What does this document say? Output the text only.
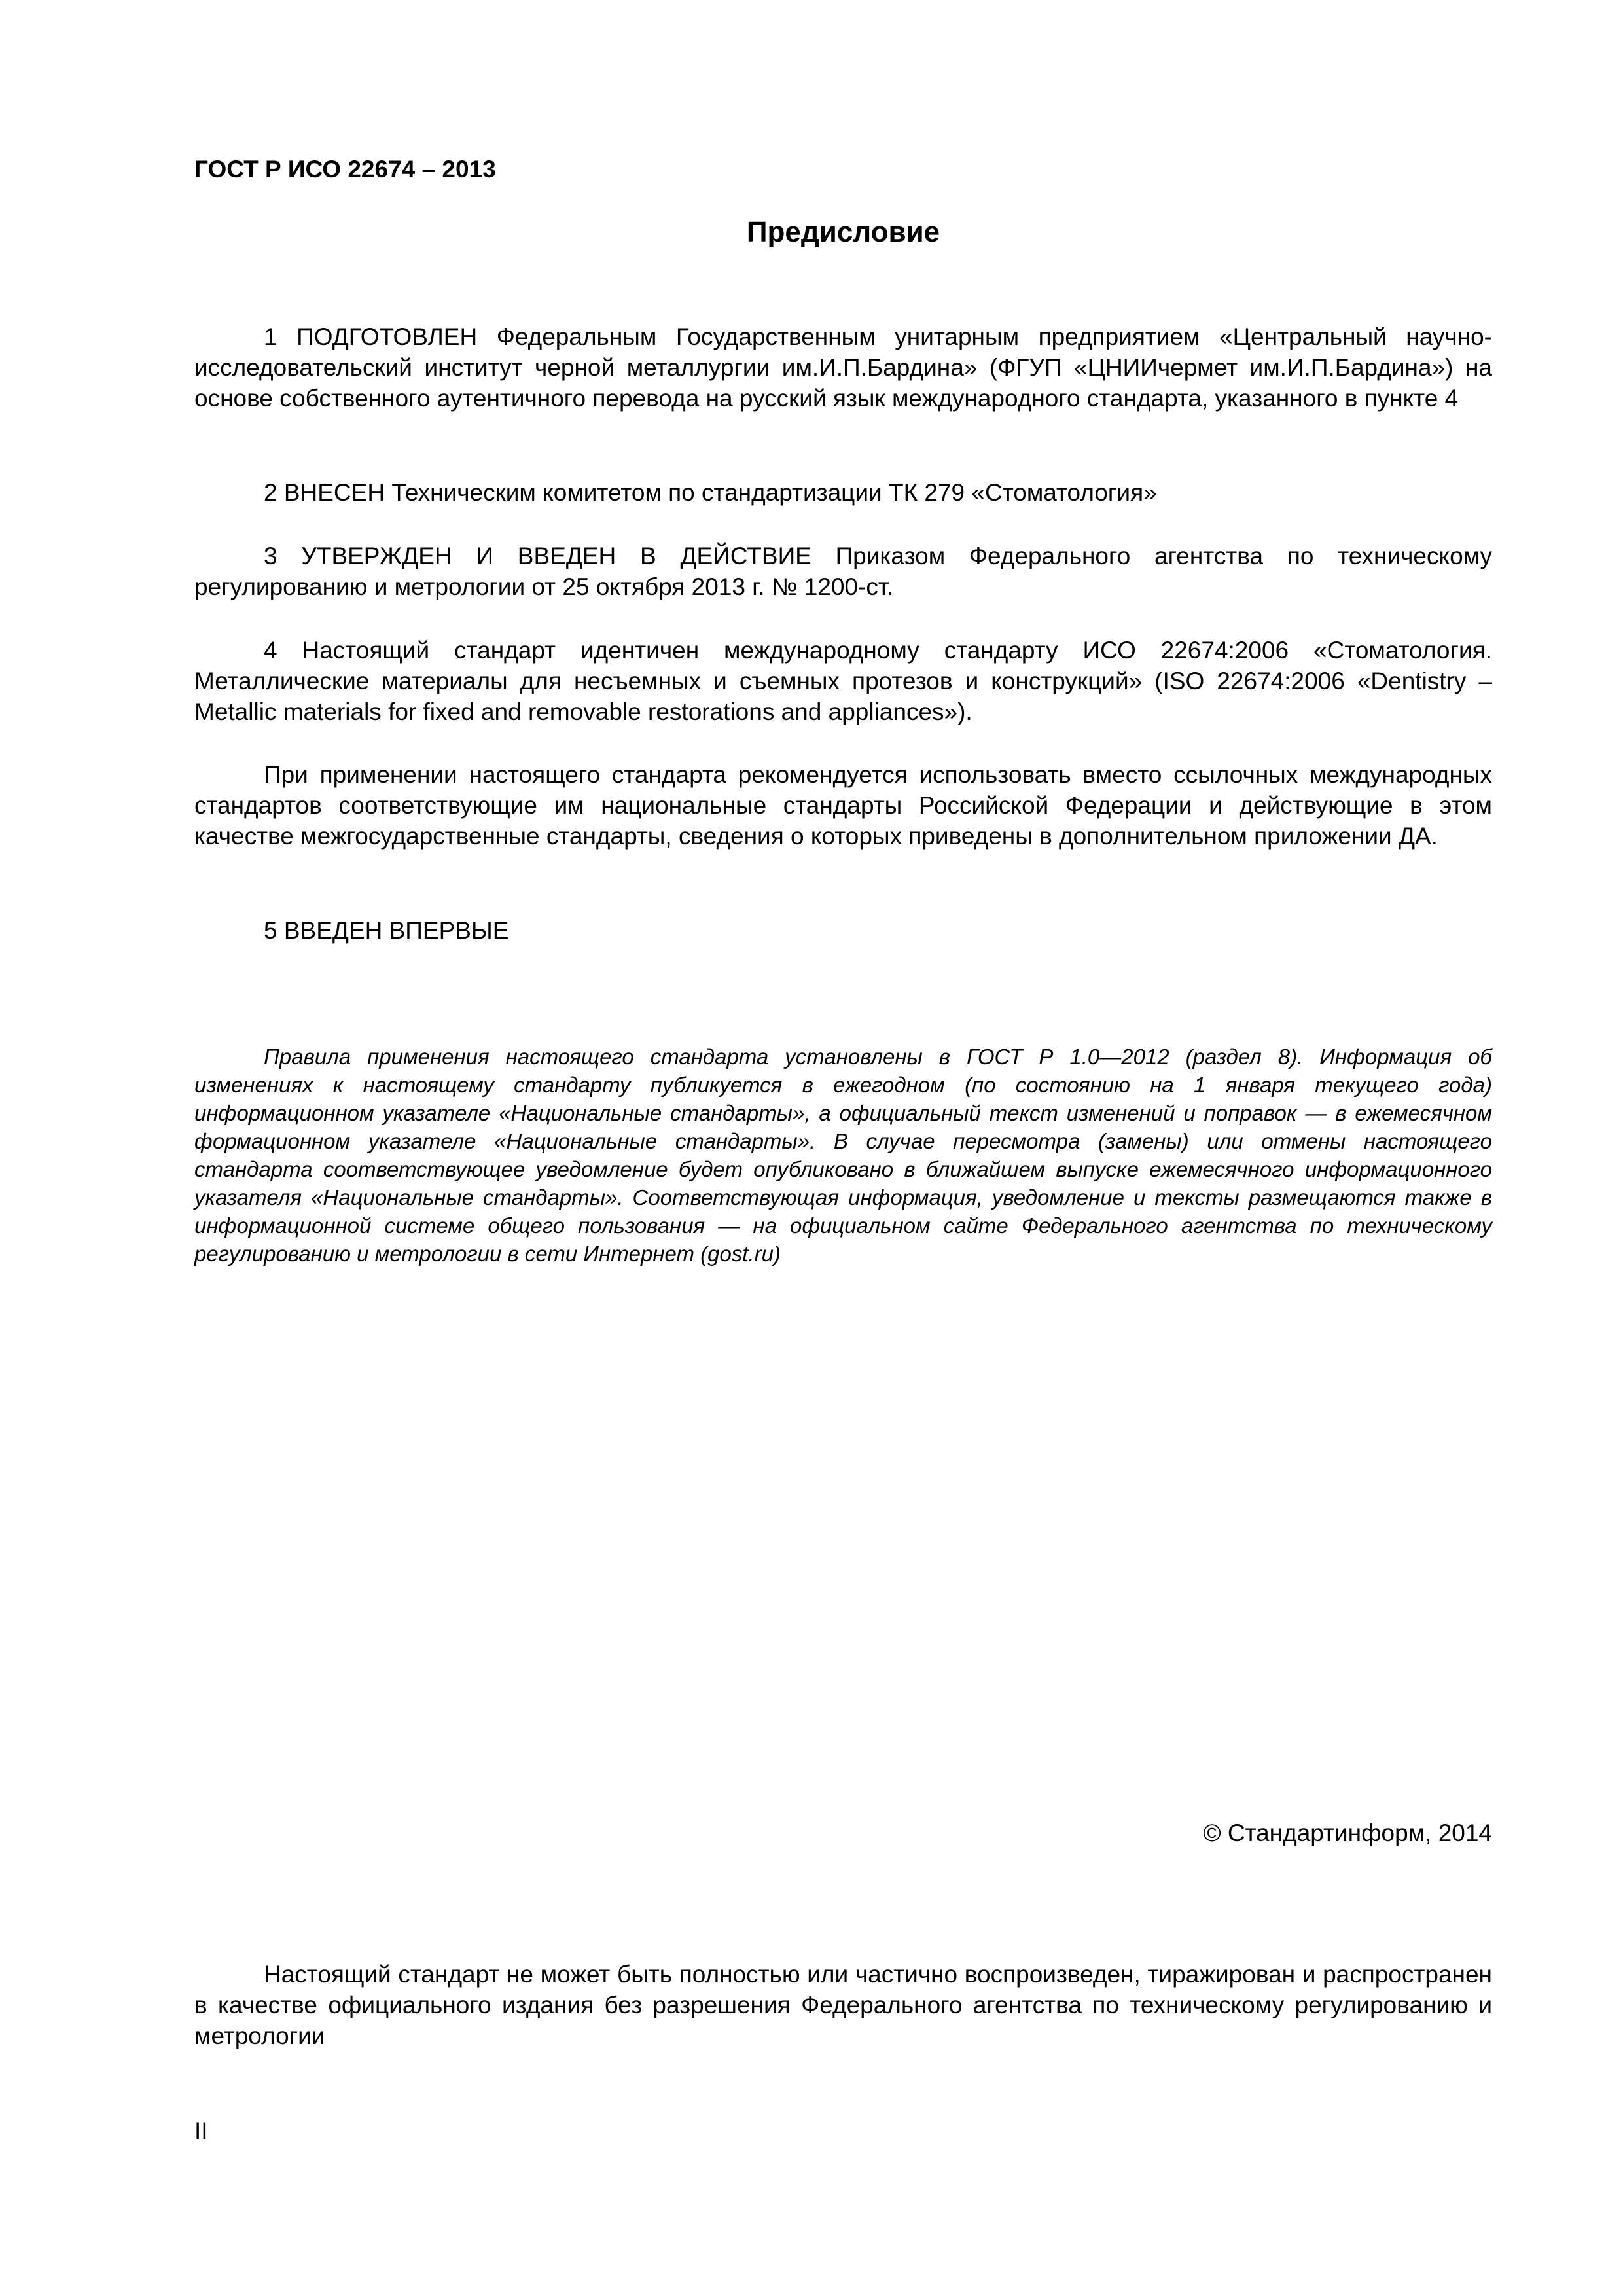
ГОСТ Р ИСО 22674 – 2013
Предисловие

1 ПОДГОТОВЛЕН Федеральным Государственным унитарным предприятием «Центральный научно-исследовательский институт черной металлургии им.И.П.Бардина» (ФГУП «ЦНИИчермет им.И.П.Бардина») на основе собственного аутентичного перевода на русский язык международного стандарта, указанного в пункте 4

2 ВНЕСЕН Техническим комитетом по стандартизации ТК 279 «Стоматология»

3 УТВЕРЖДЕН И ВВЕДЕН В ДЕЙСТВИЕ Приказом Федерального агентства по техническому регулированию и метрологии от 25 октября 2013 г. № 1200-ст.

4 Настоящий стандарт идентичен международному стандарту ИСО 22674:2006 «Стоматология. Металлические материалы для несъемных и съемных протезов и конструкций» (ISO 22674:2006 «Dentistry – Metallic materials for fixed and removable restorations and appliances»).

При применении настоящего стандарта рекомендуется использовать вместо ссылочных международных стандартов соответствующие им национальные стандарты Российской Федерации и действующие в этом качестве межгосударственные стандарты, сведения о которых приведены в дополнительном приложении ДА.

5 ВВЕДЕН ВПЕРВЫЕ

Правила применения настоящего стандарта установлены в ГОСТ Р 1.0—2012 (раздел 8). Информация об изменениях к настоящему стандарту публикуется в ежегодном (по состоянию на 1 января текущего года) информационном указателе «Национальные стандарты», а официальный текст изменений и поправок — в ежемесячном формационном указателе «Национальные стандарты». В случае пересмотра (замены) или отмены настоящего стандарта соответствующее уведомление будет опубликовано в ближайшем выпуске ежемесячного информационного указателя «Национальные стандарты». Соответствующая информация, уведомление и тексты размещаются также в информационной системе общего пользования — на официальном сайте Федерального агентства по техническому регулированию и метрологии в сети Интернет (gost.ru)

© Стандартинформ, 2014

Настоящий стандарт не может быть полностью или частично воспроизведен, тиражирован и распространен в качестве официального издания без разрешения Федерального агентства по техническому регулированию и метрологии

II
